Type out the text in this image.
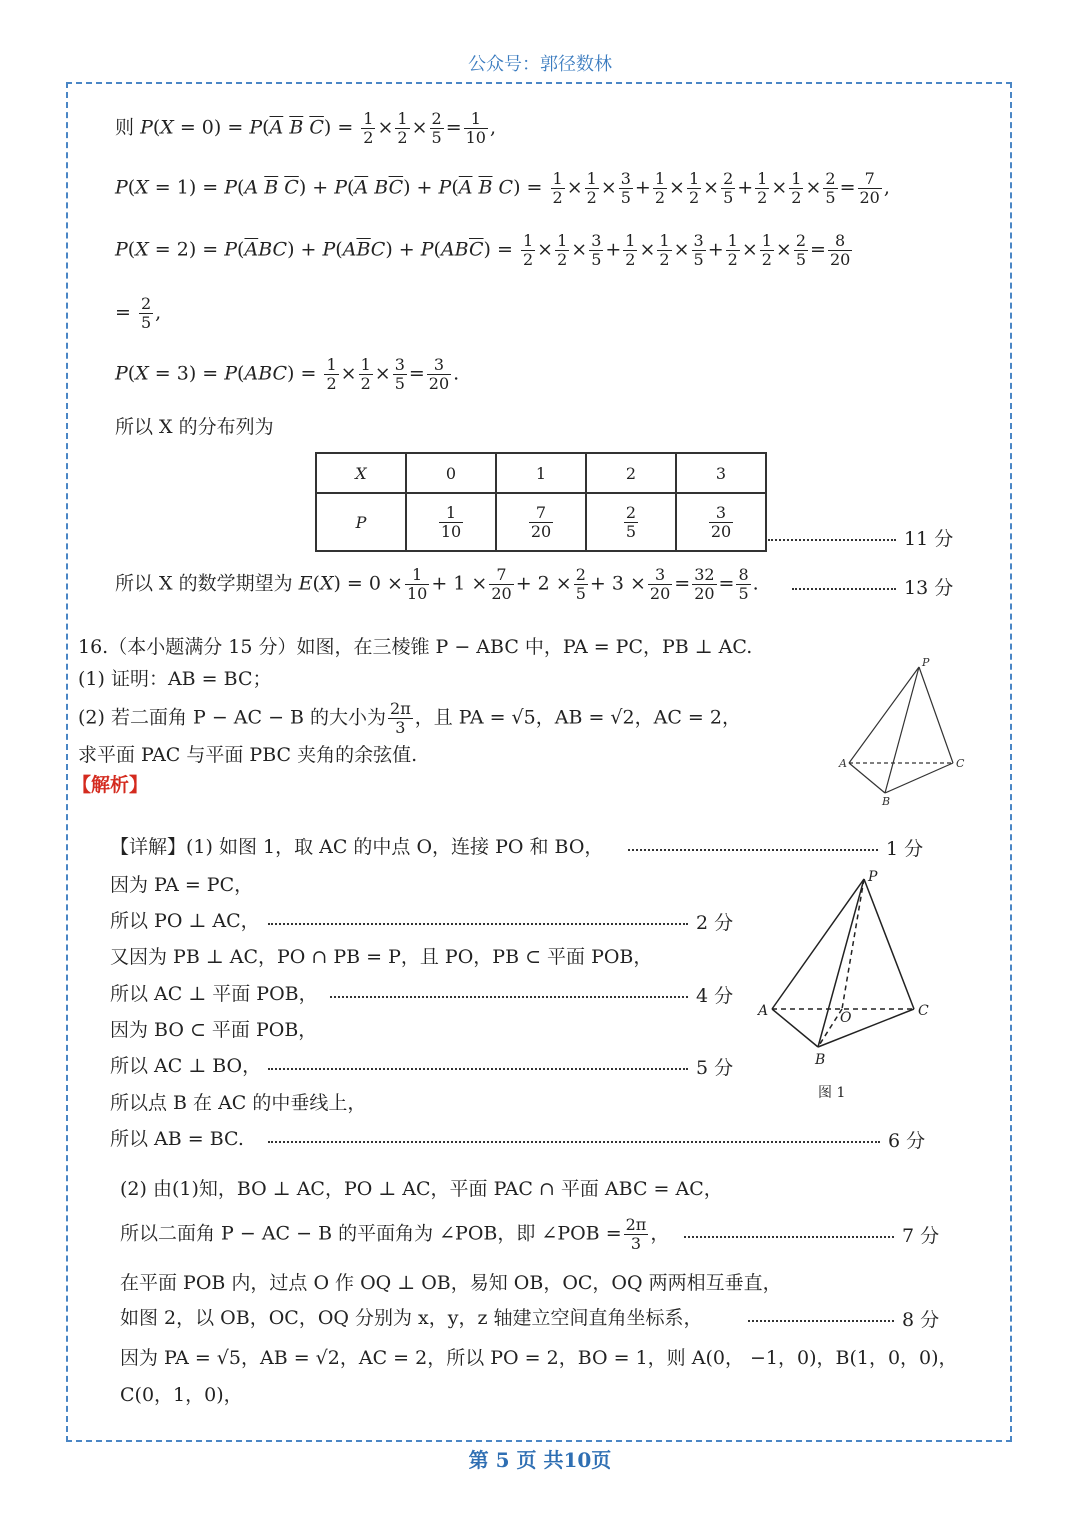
公众号：郭径数林
则 $P(X = 0) = P(\overline{A}$ $\overline{B}$ $\overline{C}) = \frac{1}{2} \times \frac{1}{2} \times \frac{2}{5} = \frac{1}{10}$ ,
P(X = 1) = P(A $\overline{B}$ $\overline{C}) + P(\overline{A}$ $B\overline{C}) + P(\overline{A}$ $\overline{B}$ $C) = \frac{1}{2} \times \frac{1}{2} \times \frac{3}{5} + \frac{1}{2} \times \frac{1}{2} \times \frac{2}{5} + \frac{1}{2} \times \frac{1}{2} \times \frac{2}{5} = \frac{7}{20}$ ,
$P(X = 2) = P(\overline{A}BC) + P(A\overline{B}C) + P(AB\overline{C}) = \frac{1}{2} \times \frac{1}{2} \times \frac{3}{5} + \frac{1}{2} \times \frac{1}{2} \times \frac{3}{5} + \frac{1}{2} \times \frac{1}{2} \times \frac{2}{5} = \frac{8}{20}$
= $\frac{2}{5}$ ,
$P(X = 3) = P(ABC) = \frac{1}{2} \times \frac{1}{2} \times \frac{3}{5} = \frac{3}{20}$ .
所以 X 的分布列为
X	0	1	2	3
P	$\frac{1}{10}$	$\frac{7}{20}$	$\frac{2}{5}$	$\frac{3}{20}$	11 分
所以 X 的数学期望为 $E(X) = 0 \times \frac{1}{10} + 1 \times \frac{7}{20} + 2 \times \frac{2}{5} + 3 \times \frac{3}{20} = \frac{32}{20} = \frac{8}{5}$ .	13 分
16.（本小题满分 15 分）如图，在三棱锥 P − ABC 中，PA = PC，PB ⊥ AC.
(1) 证明：AB = BC；
(2) 若二面角 P − AC − B 的大小为 $\frac{2\pi}{3}$ ，且 PA = √5，AB = √2，AC = 2，
求平面 PAC 与平面 PBC 夹角的余弦值.
【解析】
P
A	C
B
【详解】(1) 如图 1，取 AC 的中点 O，连接 PO 和 BO，	1 分
因为 PA = PC，
所以 PO ⊥ AC，	2 分
又因为 PB ⊥ AC，PO ∩ PB = P，且 PO，PB ⊂ 平面 POB，
所以 AC ⊥ 平面 POB，	4 分
因为 BO ⊂ 平面 POB，
所以 AC ⊥ BO，	5 分
所以点 B 在 AC 的中垂线上，
所以 AB = BC.	6 分
P
A	C
O
B
图 1
(2) 由(1)知，BO ⊥ AC，PO ⊥ AC，平面 PAC ∩ 平面 ABC = AC，
所以二面角 P − AC − B 的平面角为 ∠POB，即 ∠POB = $\frac{2\pi}{3}$ ，	7 分
在平面 POB 内，过点 O 作 OQ ⊥ OB，易知 OB，OC，OQ 两两相互垂直，
如图 2，以 OB，OC，OQ 分别为 x，y，z 轴建立空间直角坐标系，	8 分
因为 PA = √5，AB = √2，AC = 2，所以 PO = 2，BO = 1，则 A(0， −1，0)，B(1，0，0)，
C(0，1，0)，
第 5 页 共10页
